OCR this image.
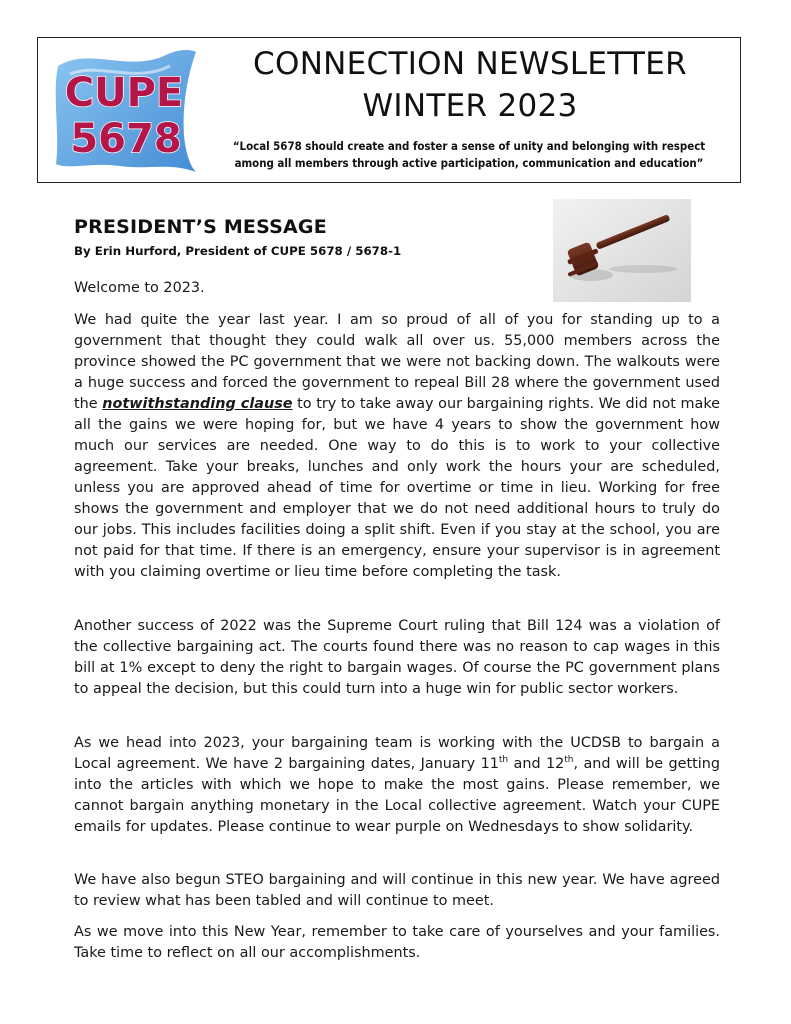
CUPE
5678
CONNECTION NEWSLETTER
WINTER 2023
“Local 5678 should create and foster a sense of unity and belonging with respect
among all members through active participation, communication and education”
PRESIDENT’S MESSAGE
By Erin Hurford, President of CUPE 5678 / 5678-1

Welcome to 2023.

We had quite the year last year. I am so proud of all of you for standing up to a government that thought they could walk all over us. 55,000 members across the province showed the PC government that we were not backing down. The walkouts were a huge success and forced the government to repeal Bill 28 where the government used the notwithstanding clause to try to take away our bargaining rights. We did not make all the gains we were hoping for, but we have 4 years to show the government how much our services are needed. One way to do this is to work to your collective agreement. Take your breaks, lunches and only work the hours your are scheduled, unless you are approved ahead of time for overtime or time in lieu. Working for free shows the government and employer that we do not need additional hours to truly do our jobs. This includes facilities doing a split shift. Even if you stay at the school, you are not paid for that time. If there is an emergency, ensure your supervisor is in agreement with you claiming overtime or lieu time before completing the task.

Another success of 2022 was the Supreme Court ruling that Bill 124 was a violation of the collective bargaining act. The courts found there was no reason to cap wages in this bill at 1% except to deny the right to bargain wages. Of course the PC government plans to appeal the decision, but this could turn into a huge win for public sector workers.

As we head into 2023, your bargaining team is working with the UCDSB to bargain a Local agreement. We have 2 bargaining dates, January 11th and 12th, and will be getting into the articles with which we hope to make the most gains. Please remember, we cannot bargain anything monetary in the Local collective agreement. Watch your CUPE emails for updates. Please continue to wear purple on Wednesdays to show solidarity.

We have also begun STEO bargaining and will continue in this new year. We have agreed to review what has been tabled and will continue to meet.

As we move into this New Year, remember to take care of yourselves and your families. Take time to reflect on all our accomplishments.
